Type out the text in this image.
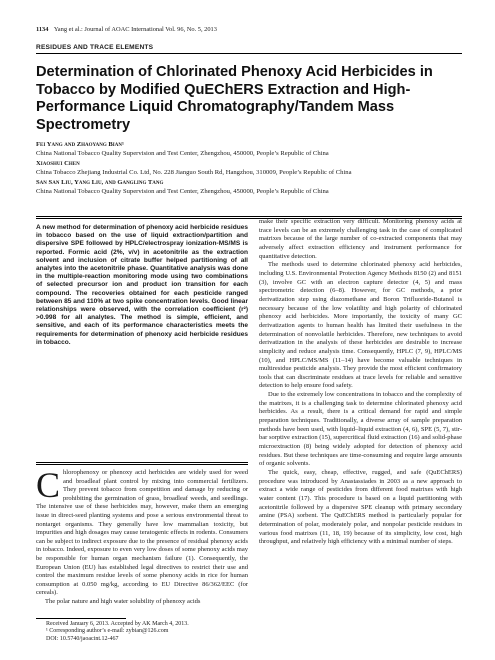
1134 Yang et al.: Journal of AOAC International Vol. 96, No. 5, 2013
RESIDUES AND TRACE ELEMENTS
Determination of Chlorinated Phenoxy Acid Herbicides in Tobacco by Modified QuEChERS Extraction and High-Performance Liquid Chromatography/Tandem Mass Spectrometry
Fei Yang and Zhaoyang Bian¹
China National Tobacco Quality Supervision and Test Center, Zhengzhou, 450000, People’s Republic of China
Xiaoshui Chen
China Tobacco Zhejiang Industrial Co. Ltd, No. 228 Jianguo South Rd, Hangzhou, 310009, People’s Republic of China
San San Liu, Yang Liu, and Gangling Tang
China National Tobacco Quality Supervision and Test Center, Zhengzhou, 450000, People’s Republic of China
A new method for determination of phenoxy acid herbicide residues in tobacco based on the use of liquid extraction/partition and dispersive SPE followed by HPLC/electrospray ionization-MS/MS is reported. Formic acid (2%, v/v) in acetonitrile as the extraction solvent and inclusion of citrate buffer helped partitioning of all analytes into the acetonitrile phase. Quantitative analysis was done in the multiple-reaction monitoring mode using two combinations of selected precursor ion and product ion transition for each compound. The recoveries obtained for each pesticide ranged between 85 and 110% at two spike concentration levels. Good linear relationships were observed, with the correlation coefficient (r²) >0.998 for all analytes. The method is simple, efficient, and sensitive, and each of its performance characteristics meets the requirements for determination of phenoxy acid herbicide residues in tobacco.

Chlorophenoxy or phenoxy acid herbicides are widely used for weed and broadleaf plant control by mixing into commercial fertilizers. They prevent tobacco from competition and damage by reducing or prohibiting the germination of grass, broadleaf weeds, and seedlings. The intensive use of these herbicides may, however, make them an emerging issue in direct-seed planting systems and pose a serious environmental threat to nontarget organisms. They generally have low mammalian toxicity, but impurities and high dosages may cause teratogenic effects in rodents. Consumers can be subject to indirect exposure due to the presence of residual phenoxy acids in tobacco. Indeed, exposure to even very low doses of some phenoxy acids may be responsible for human organ mechanism failure (1). Consequently, the European Union (EU) has established legal directives to restrict their use and control the maximum residue levels of some phenoxy acids in rice for human consumption at 0.050 mg/kg, according to EU Directive 86/362/EEC (for cereals).

The polar nature and high water solubility of phenoxy acids

make their specific extraction very difficult. Monitoring phenoxy acids at trace levels can be an extremely challenging task in the case of complicated matrixes because of the large number of co-extracted components that may adversely affect extraction efficiency and instrument performance for quantitative detection.

The methods used to determine chlorinated phenoxy acid herbicides, including U.S. Environmental Protection Agency Methods 8150 (2) and 8151 (3), involve GC with an electron capture detector (4, 5) and mass spectrometric detection (6–8). However, for GC methods, a prior derivatization step using diazomethane and Boron Trifluoride-Butanol is necessary because of the low volatility and high polarity of chlorinated phenoxy acid herbicides. More importantly, the toxicity of many GC derivatization agents to human health has limited their usefulness in the determination of nonvolatile herbicides. Therefore, new techniques to avoid derivatization in the analysis of these herbicides are desirable to increase simplicity and reduce analysis time. Consequently, HPLC (7, 9), HPLC/MS (10), and HPLC/MS/MS (11–14) have become valuable techniques in multiresidue pesticide analysis. They provide the most efficient confirmatory tools that can discriminate residues at trace levels for reliable and sensitive detection to help ensure food safety.

Due to the extremely low concentrations in tobacco and the complexity of the matrixes, it is a challenging task to determine chlorinated phenoxy acid herbicides. As a result, there is a critical demand for rapid and simple preparation techniques. Traditionally, a diverse array of sample preparation methods have been used, with liquid–liquid extraction (4, 6), SPE (5, 7), stir-bar sorptive extraction (15), supercritical fluid extraction (16) and solid-phase microextraction (8) being widely adopted for detection of phenoxy acid residues. But these techniques are time-consuming and require large amounts of organic solvents.

The quick, easy, cheap, effective, rugged, and safe (QuEChERS) procedure was introduced by Anastassiades in 2003 as a new approach to extract a wide range of pesticides from different food matrixes with high water content (17). This procedure is based on a liquid partitioning with acetonitrile followed by a dispersive SPE cleanup with primary secondary amine (PSA) sorbent. The QuEChERS method is particularly popular for determination of polar, moderately polar, and nonpolar pesticide residues in various food matrixes (11, 18, 19) because of its simplicity, low cost, high throughput, and relatively high efficiency with a minimal number of steps.

Received January 6, 2013. Accepted by AK March 4, 2013.
¹ Corresponding author’s e-mail: zybian@126.com
DOI: 10.5740/jaoacint.12-467
